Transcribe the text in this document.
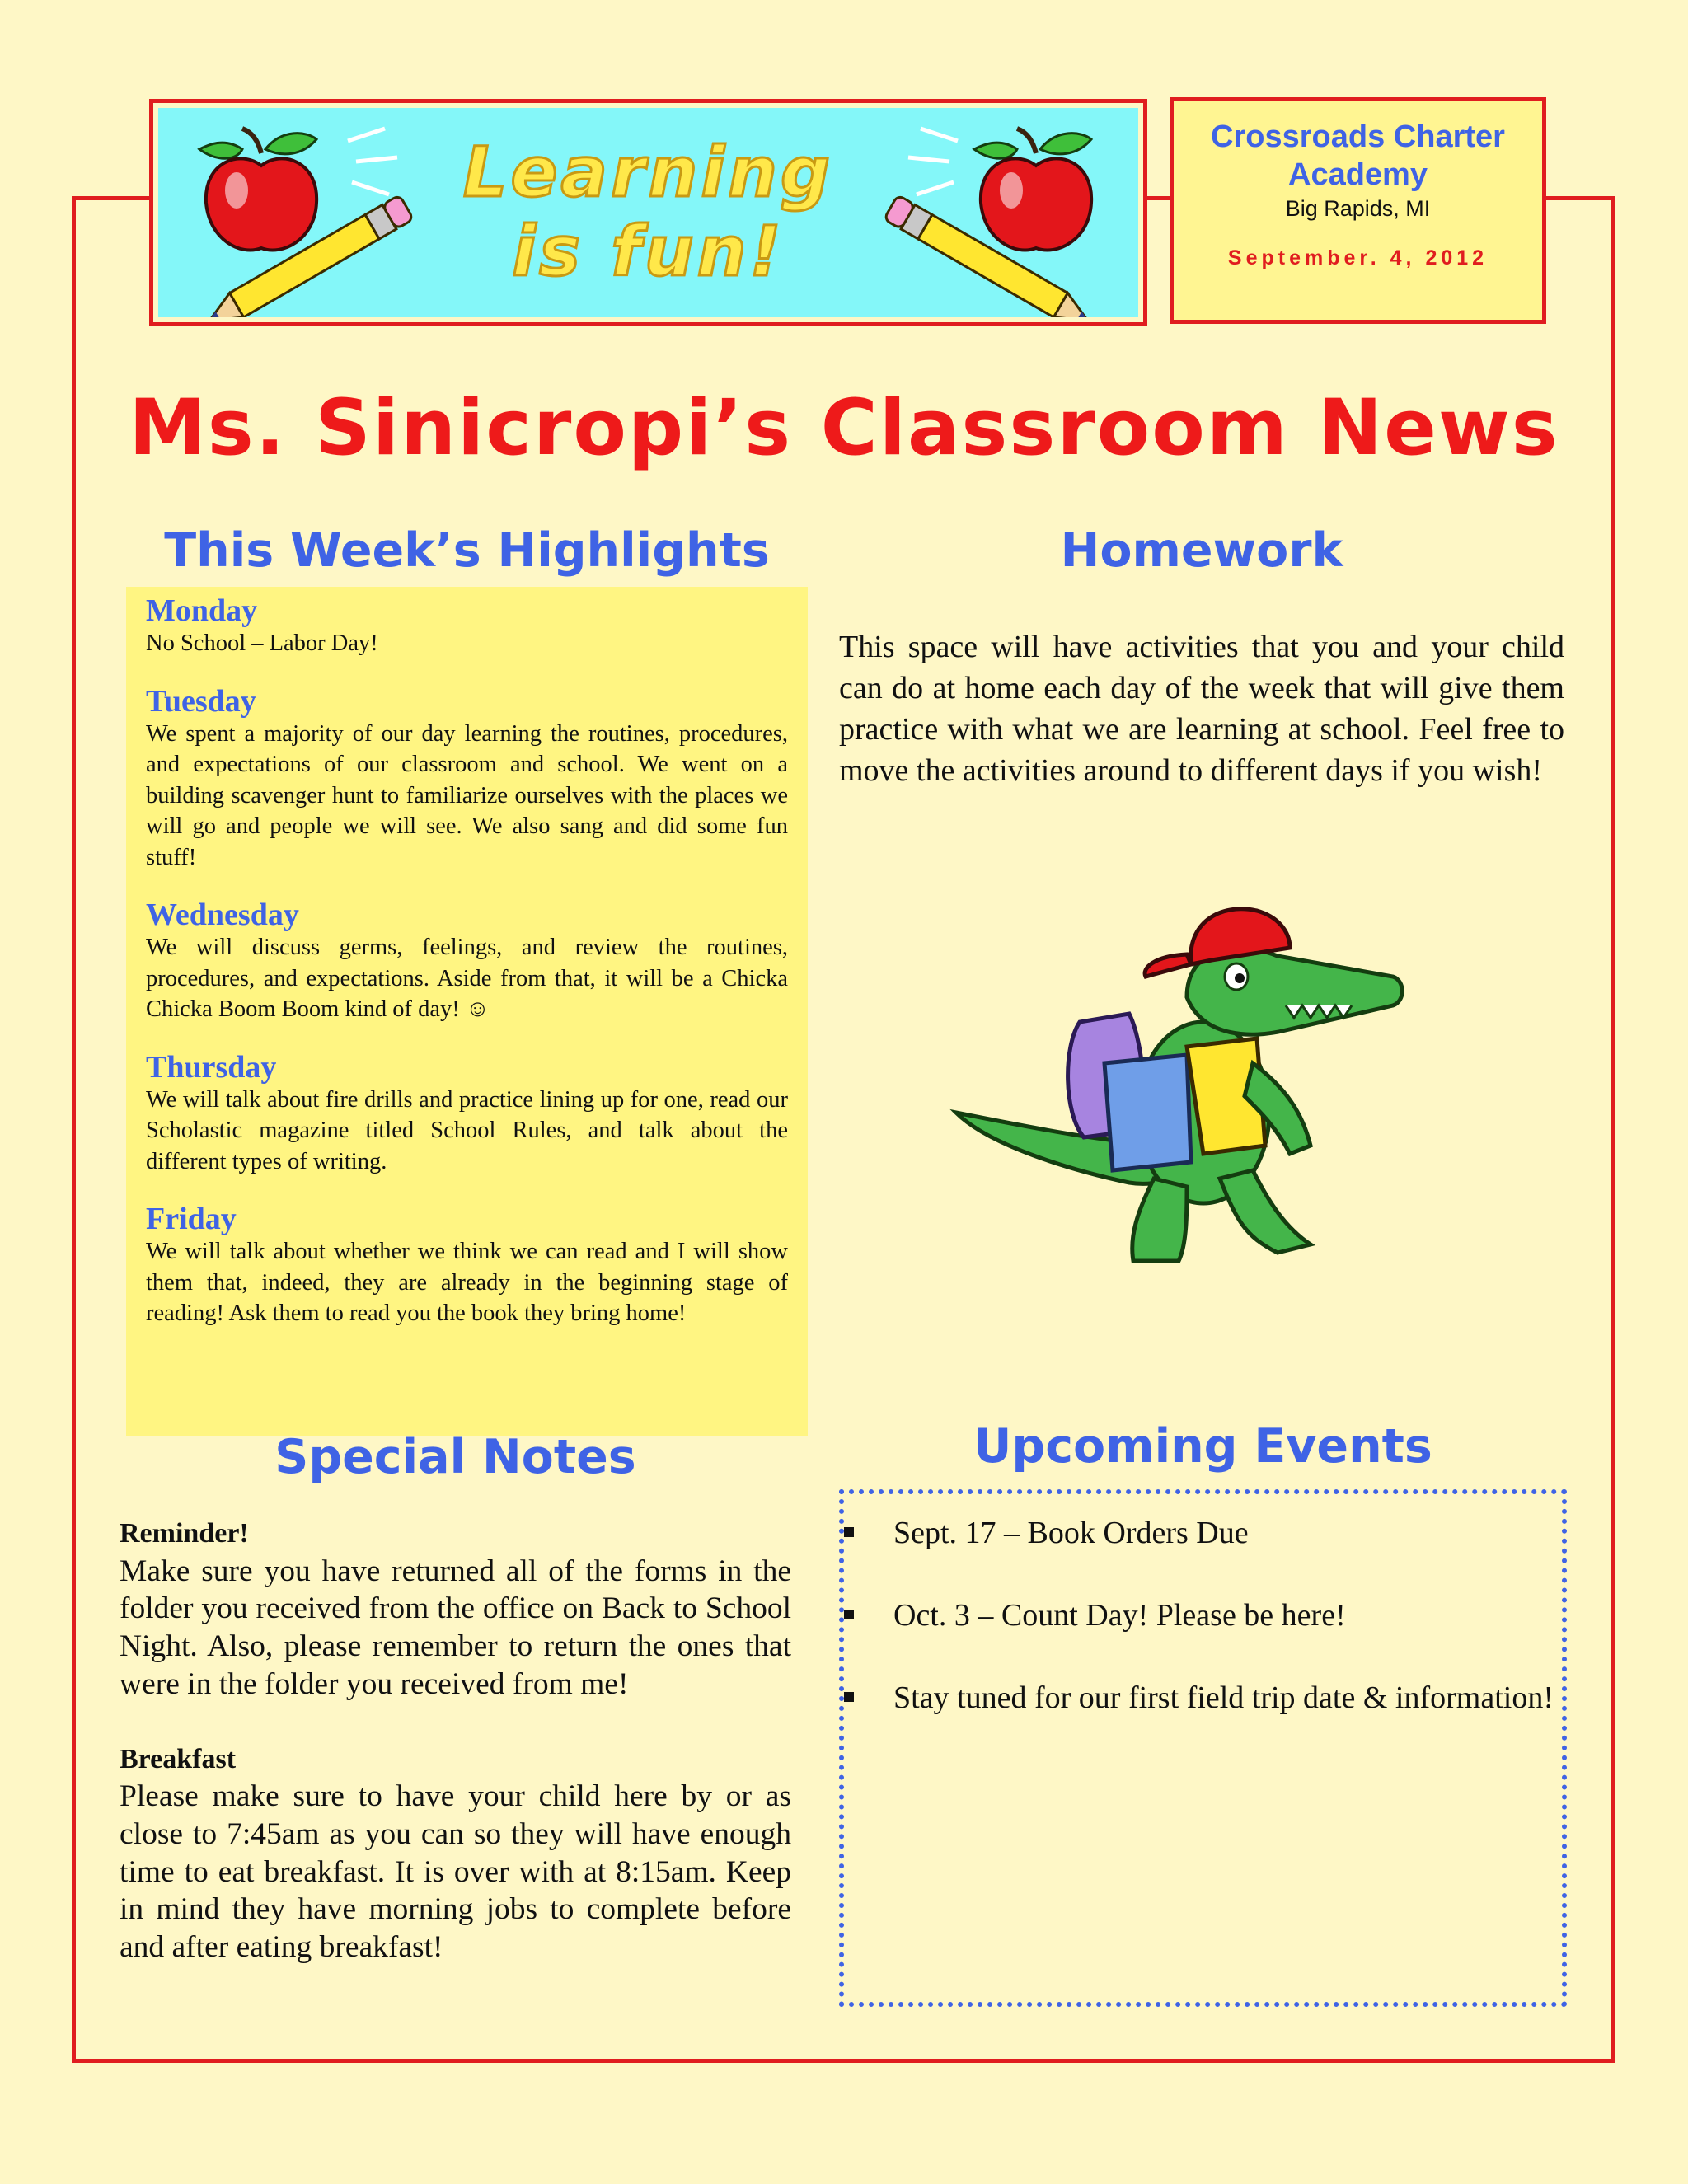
Learning
is fun!
Crossroads Charter Academy
Big Rapids, MI
September. 4, 2012
Ms. Sinicropi’s Classroom News
This Week’s Highlights
Monday
No School – Labor Day!
Tuesday
We spent a majority of our day learning the routines, procedures, and expectations of our classroom and school. We went on a building scavenger hunt to familiarize ourselves with the places we will go and people we will see. We also sang and did some fun stuff!
Wednesday
We will discuss germs, feelings, and review the routines, procedures, and expectations. Aside from that, it will be a Chicka Chicka Boom Boom kind of day! ☺
Thursday
We will talk about fire drills and practice lining up for one, read our Scholastic magazine titled School Rules, and talk about the different types of writing.
Friday
We will talk about whether we think we can read and I will show them that, indeed, they are already in the beginning stage of reading! Ask them to read you the book they bring home!
Homework
This space will have activities that you and your child can do at home each day of the week that will give them practice with what we are learning at school. Feel free to move the activities around to different days if you wish!
Special Notes
Reminder!
Make sure you have returned all of the forms in the folder you received from the office on Back to School Night. Also, please remember to return the ones that were in the folder you received from me!
Breakfast
Please make sure to have your child here by or as close to 7:45am as you can so they will have enough time to eat breakfast. It is over with at 8:15am. Keep in mind they have morning jobs to complete before and after eating breakfast!
Upcoming Events
Sept. 17 – Book Orders Due
Oct. 3 – Count Day! Please be here!
Stay tuned for our first field trip date & information!
